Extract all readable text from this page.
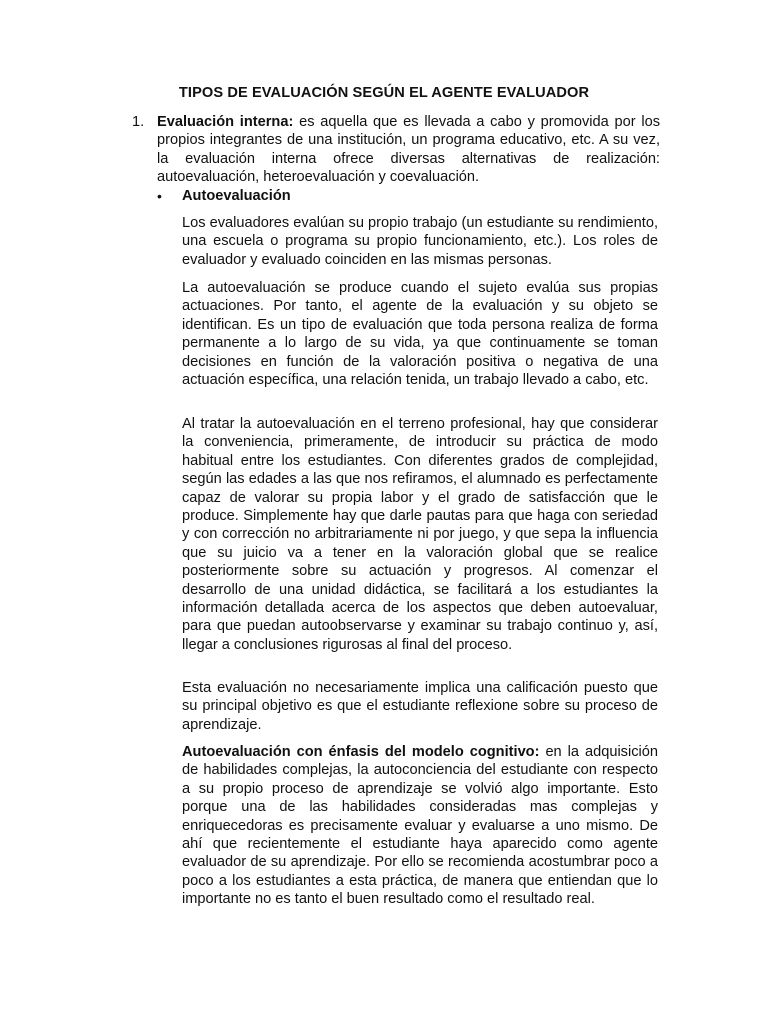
TIPOS DE EVALUACIÓN SEGÚN EL AGENTE EVALUADOR
1. Evaluación interna: es aquella que es llevada a cabo y promovida por los propios integrantes de una institución, un programa educativo, etc. A su vez, la evaluación interna ofrece diversas alternativas de realización: autoevaluación, heteroevaluación y coevaluación.
• Autoevaluación

Los evaluadores evalúan su propio trabajo (un estudiante su rendimiento, una escuela o programa su propio funcionamiento, etc.). Los roles de evaluador y evaluado coinciden en las mismas personas.

La autoevaluación se produce cuando el sujeto evalúa sus propias actuaciones. Por tanto, el agente de la evaluación y su objeto se identifican. Es un tipo de evaluación que toda persona realiza de forma permanente a lo largo de su vida, ya que continuamente se toman decisiones en función de la valoración positiva o negativa de una actuación específica, una relación tenida, un trabajo llevado a cabo, etc.

Al tratar la autoevaluación en el terreno profesional, hay que considerar la conveniencia, primeramente, de introducir su práctica de modo habitual entre los estudiantes. Con diferentes grados de complejidad, según las edades a las que nos refiramos, el alumnado es perfectamente capaz de valorar su propia labor y el grado de satisfacción que le produce. Simplemente hay que darle pautas para que haga con seriedad y con corrección no arbitrariamente ni por juego, y que sepa la influencia que su juicio va a tener en la valoración global que se realice posteriormente sobre su actuación y progresos. Al comenzar el desarrollo de una unidad didáctica, se facilitará a los estudiantes la información detallada acerca de los aspectos que deben autoevaluar, para que puedan autoobservarse y examinar su trabajo continuo y, así, llegar a conclusiones rigurosas al final del proceso.

Esta evaluación no necesariamente implica una calificación puesto que su principal objetivo es que el estudiante reflexione sobre su proceso de aprendizaje.

Autoevaluación con énfasis del modelo cognitivo: en la adquisición de habilidades complejas, la autoconciencia del estudiante con respecto a su propio proceso de aprendizaje se volvió algo importante. Esto porque una de las habilidades consideradas mas complejas y enriquecedoras es precisamente evaluar y evaluarse a uno mismo. De ahí que recientemente el estudiante haya aparecido como agente evaluador de su aprendizaje. Por ello se recomienda acostumbrar poco a poco a los estudiantes a esta práctica, de manera que entiendan que lo importante no es tanto el buen resultado como el resultado real.
